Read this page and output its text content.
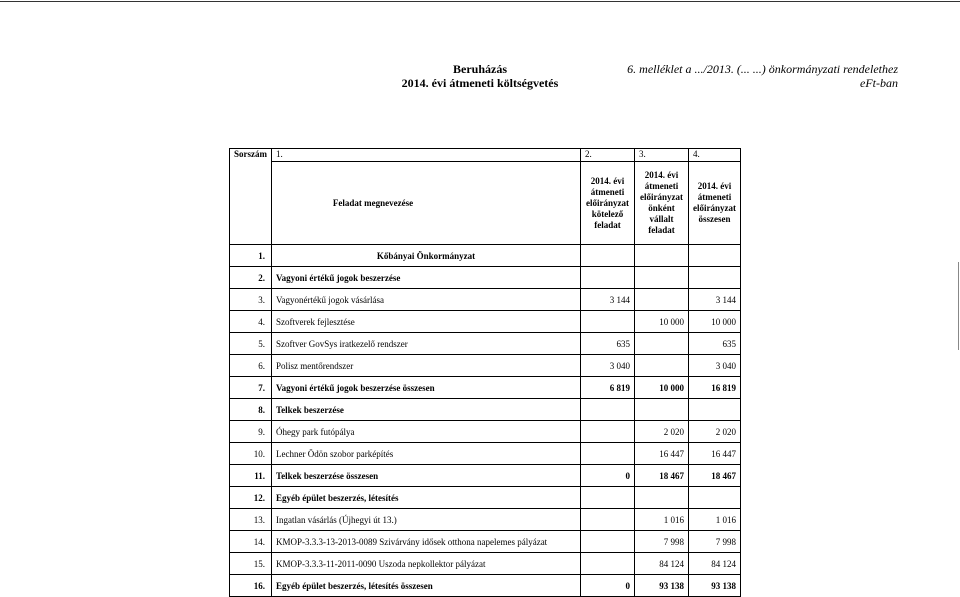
Beruházás
2014. évi átmeneti költségvetés
6. melléklet a .../2013. (... ...) önkormányzati rendelethez
eFt-ban
Sorszám	1.	2.	3.	4.
	Feladat megnevezése	2014. évi átmeneti előirányzat kötelező feladat	2014. évi átmeneti előirányzat önként vállalt feladat	2014. évi átmeneti előirányzat összesen
1.	Kőbányai Önkormányzat			
2.	Vagyoni értékű jogok beszerzése			
3.	Vagyonértékű jogok vásárlása	3 144		3 144
4.	Szoftverek fejlesztése		10 000	10 000
5.	Szoftver GovSys iratkezelő rendszer	635		635
6.	Polisz mentőrendszer	3 040		3 040
7.	Vagyoni értékű jogok beszerzése összesen	6 819	10 000	16 819
8.	Telkek beszerzése			
9.	Óhegy park futópálya		2 020	2 020
10.	Lechner Ödön szobor parképítés		16 447	16 447
11.	Telkek beszerzése összesen	0	18 467	18 467
12.	Egyéb épület beszerzés, létesítés			
13.	Ingatlan vásárlás (Újhegyi út 13.)		1 016	1 016
14.	KMOP-3.3.3-13-2013-0089 Szivárvány idősek otthona napelemes pályázat		7 998	7 998
15.	KMOP-3.3.3-11-2011-0090 Uszoda nepkollektor pályázat		84 124	84 124
16.	Egyéb épület beszerzés, létesítés összesen	0	93 138	93 138
